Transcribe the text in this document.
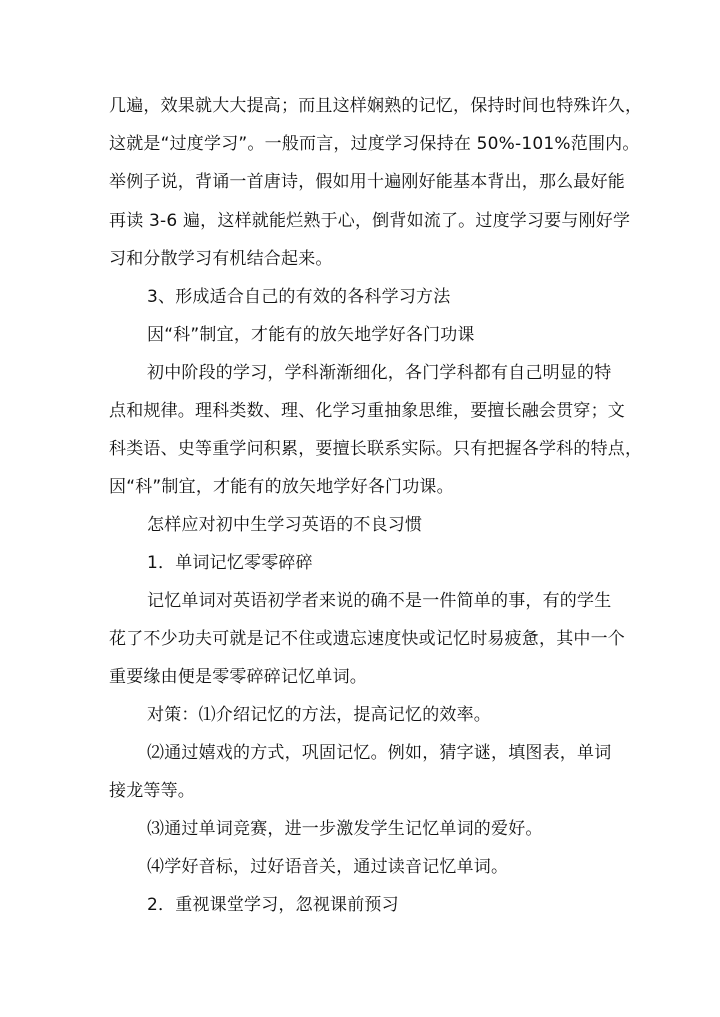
几遍，效果就大大提高；而且这样娴熟的记忆，保持时间也特殊许久，
这就是“过度学习”。一般而言，过度学习保持在 50%-101%范围内。
举例子说，背诵一首唐诗，假如用十遍刚好能基本背出，那么最好能
再读 3-6 遍，这样就能烂熟于心，倒背如流了。过度学习要与刚好学
习和分散学习有机结合起来。
3、形成适合自己的有效的各科学习方法
因“科”制宜，才能有的放矢地学好各门功课
初中阶段的学习，学科渐渐细化，各门学科都有自己明显的特
点和规律。理科类数、理、化学习重抽象思维，要擅长融会贯穿；文
科类语、史等重学问积累，要擅长联系实际。只有把握各学科的特点，
因“科”制宜，才能有的放矢地学好各门功课。
怎样应对初中生学习英语的不良习惯
1．单词记忆零零碎碎
记忆单词对英语初学者来说的确不是一件简单的事，有的学生
花了不少功夫可就是记不住或遗忘速度快或记忆时易疲惫，其中一个
重要缘由便是零零碎碎记忆单词。
对策：⑴介绍记忆的方法，提高记忆的效率。
⑵通过嬉戏的方式，巩固记忆。例如，猜字谜，填图表，单词
接龙等等。
⑶通过单词竞赛，进一步激发学生记忆单词的爱好。
⑷学好音标，过好语音关，通过读音记忆单词。
2．重视课堂学习，忽视课前预习
